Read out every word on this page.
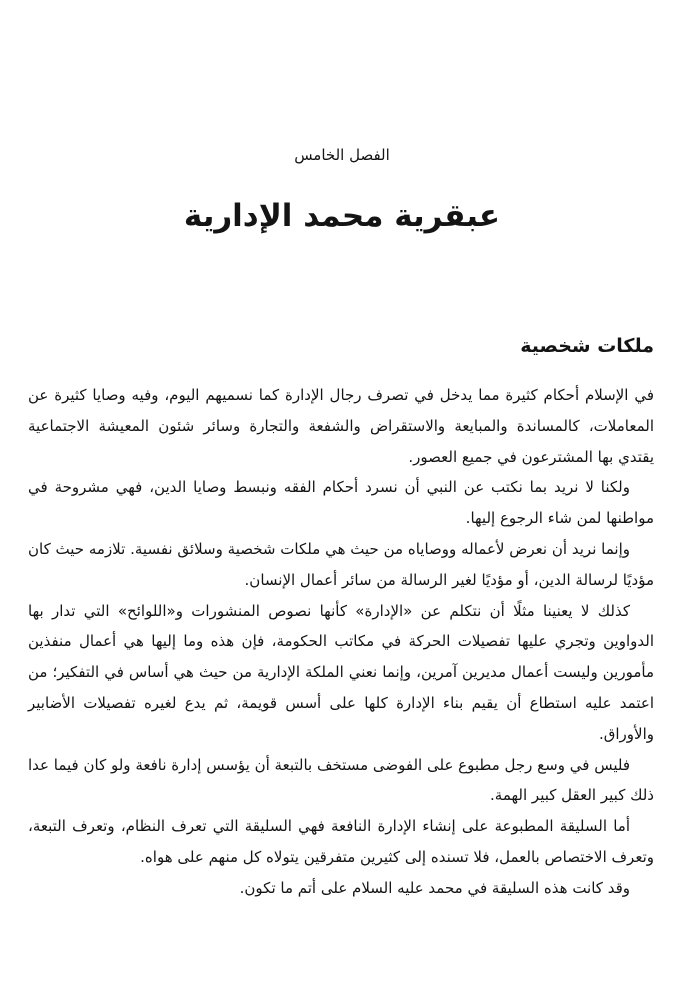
الفصل الخامس
عبقرية محمد الإدارية
ملكات شخصية

في الإسلام أحكام كثيرة مما يدخل في تصرف رجال الإدارة كما نسميهم اليوم، وفيه وصايا كثيرة عن المعاملات، كالمساندة والمبايعة والاستقراض والشفعة والتجارة وسائر شئون المعيشة الاجتماعية يقتدي بها المشترعون في جميع العصور.

ولكنا لا نريد بما نكتب عن النبي أن نسرد أحكام الفقه ونبسط وصايا الدين، فهي مشروحة في مواطنها لمن شاء الرجوع إليها.

وإنما نريد أن نعرض لأعماله ووصاياه من حيث هي ملكات شخصية وسلائق نفسية. تلازمه حيث كان مؤديًا لرسالة الدين، أو مؤديًا لغير الرسالة من سائر أعمال الإنسان.

كذلك لا يعنينا مثلًا أن نتكلم عن «الإدارة» كأنها نصوص المنشورات و«اللوائح» التي تدار بها الدواوين وتجري عليها تفصيلات الحركة في مكاتب الحكومة، فإن هذه وما إليها هي أعمال منفذين مأمورين وليست أعمال مديرين آمرين، وإنما نعني الملكة الإدارية من حيث هي أساس في التفكير؛ من اعتمد عليه استطاع أن يقيم بناء الإدارة كلها على أسس قويمة، ثم يدع لغيره تفصيلات الأضابير والأوراق.

فليس في وسع رجل مطبوع على الفوضى مستخف بالتبعة أن يؤسس إدارة نافعة ولو كان فيما عدا ذلك كبير العقل كبير الهمة.

أما السليقة المطبوعة على إنشاء الإدارة النافعة فهي السليقة التي تعرف النظام، وتعرف التبعة، وتعرف الاختصاص بالعمل، فلا تسنده إلى كثيرين متفرقين يتولاه كل منهم على هواه.

وقد كانت هذه السليقة في محمد عليه السلام على أتم ما تكون.
